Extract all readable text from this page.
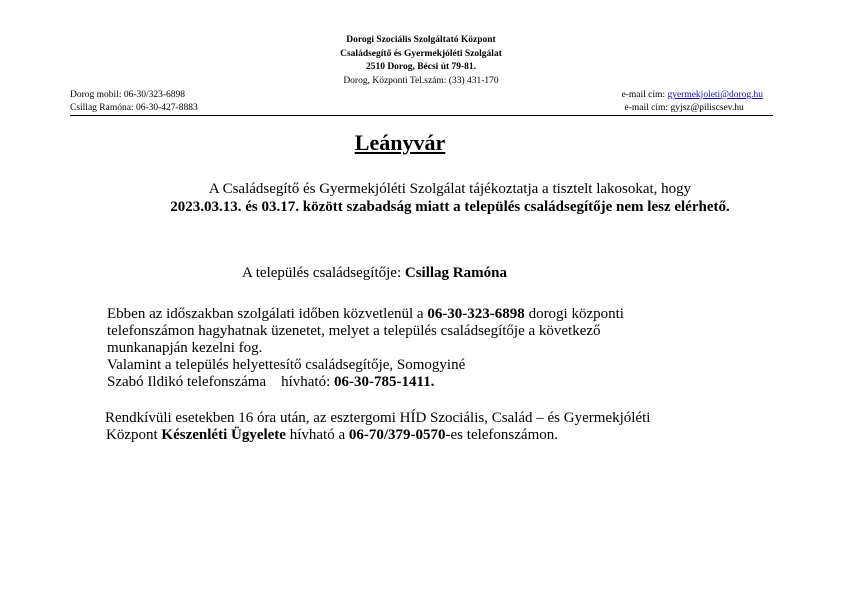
Dorogi Szociális Szolgáltató Központ
Családsegítő és Gyermekjóléti Szolgálat
2510 Dorog, Bécsi út 79-81.
Dorog, Központi Tel.szám: (33) 431-170
Dorog mobil: 06-30/323-6898
Csillag Ramóna: 06-30-427-8883
e-mail cím: gyermekjoleti@dorog.hu
e-mail cím: gyjsz@piliscsev.hu
Leányvár
A Családsegítő és Gyermekjóléti Szolgálat tájékoztatja a tisztelt lakosokat, hogy
2023.03.13. és 03.17. között szabadság miatt a település családsegítője nem lesz elérhető.
A település családsegítője: Csillag Ramóna
Ebben az időszakban szolgálati időben közvetlenül a 06-30-323-6898 dorogi központi
telefonszámon hagyhatnak üzenetet, melyet a település családsegítője a következő
munkanapján kezelni fog.
Valamint a település helyettesítő családsegítője, Somogyiné
Szabó Ildikó telefonszáma    hívható: 06-30-785-1411.
Rendkívüli esetekben 16 óra után, az esztergomi HÍD Szociális, Család – és Gyermekjóléti
Központ Készenléti Ügyelete hívható a 06-70/379-0570-es telefonszámon.
